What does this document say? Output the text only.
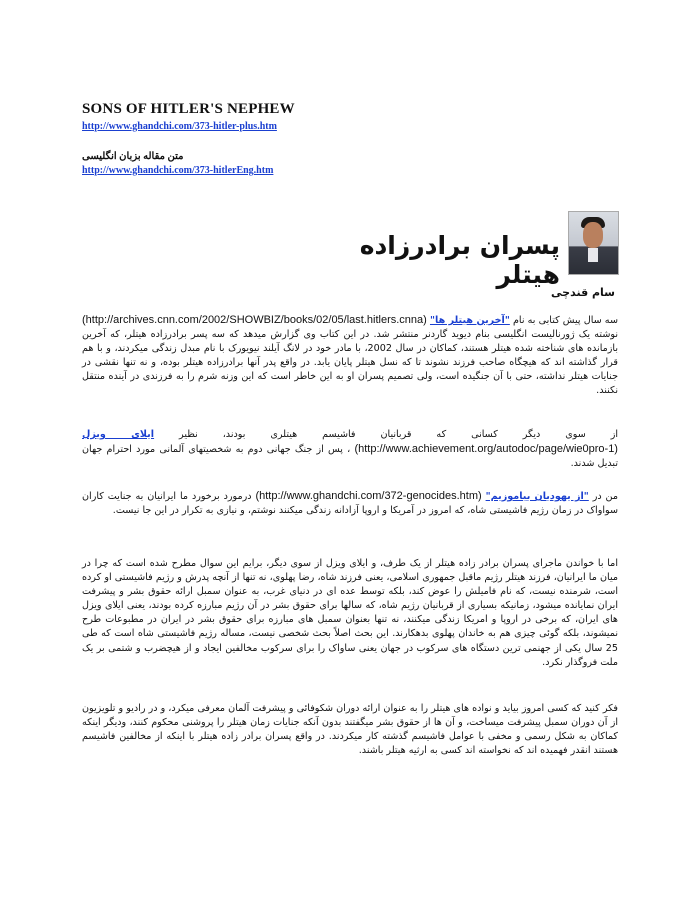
SONS OF HITLER'S NEPHEW
http://www.ghandchi.com/373-hitler-plus.htm
متن مقاله بزبان انگلیسی
http://www.ghandchi.com/373-hitlerEng.htm
پسران برادرزاده هیتلر
سام قندچی

سه سال پیش کتابی به نام "آخرین هیتلر ها" (http://archives.cnn.com/2002/SHOWBIZ/books/02/05/last.hitlers.cnna) نوشته یک ژورنالیست انگلیسی بنام دیوید گاردنر منتشر شد. در این کتاب وی گزارش میدهد که سه پسر برادرزاده هیتلر، که آخرین بازمانده های شناخته شده هیتلر هستند، کماکان در سال 2002، با مادر خود در لانگ آیلند نیویورک با نام مبدل زندگی میکردند، و با هم قرار گذاشته اند که هیچگاه صاحب فرزند نشوند تا که نسل هیتلر پایان یابد. در واقع پدر آنها برادرزاده هیتلر بوده، و نه تنها نقشی در جنایات هیتلر نداشته، حتی با آن جنگیده است، ولی تصمیم پسران او به این خاطر است که این وزنه شرم را به فرزندی در آینده منتقل نکنند.

از سوی دیگر کسانی که قربانیان فاشیسم هیتلری بودند، نظیر ایلای ویزل (http://www.achievement.org/autodoc/page/wie0pro-1) ، پس از جنگ جهانی دوم به شخصیتهای آلمانی مورد احترام جهان تبدیل شدند.

من در "از یهودیان بیاموزیم" (http://www.ghandchi.com/372-genocides.htm) درمورد برخورد ما ایرانیان به جنایت کاران سواواک در زمان رژیم فاشیستی شاه، که امروز در آمریکا و اروپا آزادانه زندگی میکنند نوشتم، و نیازی به تکرار در این جا نیست.

اما با خواندن ماجرای پسران برادر زاده هیتلر از یک طرف، و ایلای ویزل از سوی دیگر، برایم این سوال مطرح شده است که چرا در میان ما ایرانیان، فرزند هیتلر رژیم ماقبل جمهوری اسلامی، یعنی فرزند شاه، رضا پهلوی، نه تنها از آنچه پدرش و رژیم فاشیستی او کرده است، شرمنده نیست، که نام فامیلش را عوض کند، بلکه توسط عده ای در دنیای غرب، به عنوان سمبل ارائه حقوق بشر و پیشرفت ایران نمایانده میشود، زمانیکه بسیاری از قربانیان رژیم شاه، که سالها برای حقوق بشر در آن رژیم مبارزه کرده بودند، یعنی ایلای ویزل های ایران، که برخی در اروپا و امریکا زندگی میکنند، نه تنها بعنوان سمبل های مبارزه برای حقوق بشر در ایران در مطبوعات طرح نمیشوند، بلکه گوئی چیزی هم به خاندان پهلوی بدهکارند. این بحث اصلاً بحث شخصی نیست، مساله رژیم فاشیستی شاه است که طی 25 سال یکی از جهنمی ترین دستگاه های سرکوب در جهان یعنی ساواک را برای سرکوب مخالفین ایجاد و از هیچضرب و شتمی بر یک ملت فروگذار نکرد.

فکر کنید که کسی امروز بیاید و نواده های هیتلر را به عنوان ارائه دوران شکوفائی و پیشرفت آلمان معرفی میکرد، و در رادیو و تلویزیون از آن دوران سمبل پیشرفت میساخت، و آن ها از حقوق بشر میگفتند بدون آنکه جنایات زمان هیتلر را پروشنی محکوم کنند، ودیگر اینکه کماکان به شکل رسمی و مخفی با عوامل فاشیسم گذشته کار میکردند. در واقع پسران برادر زاده هیتلر با اینکه از مخالفین فاشیسم هستند انقدر فهمیده اند که نخواسته اند کسی به ارثیه هیتلر باشند.
